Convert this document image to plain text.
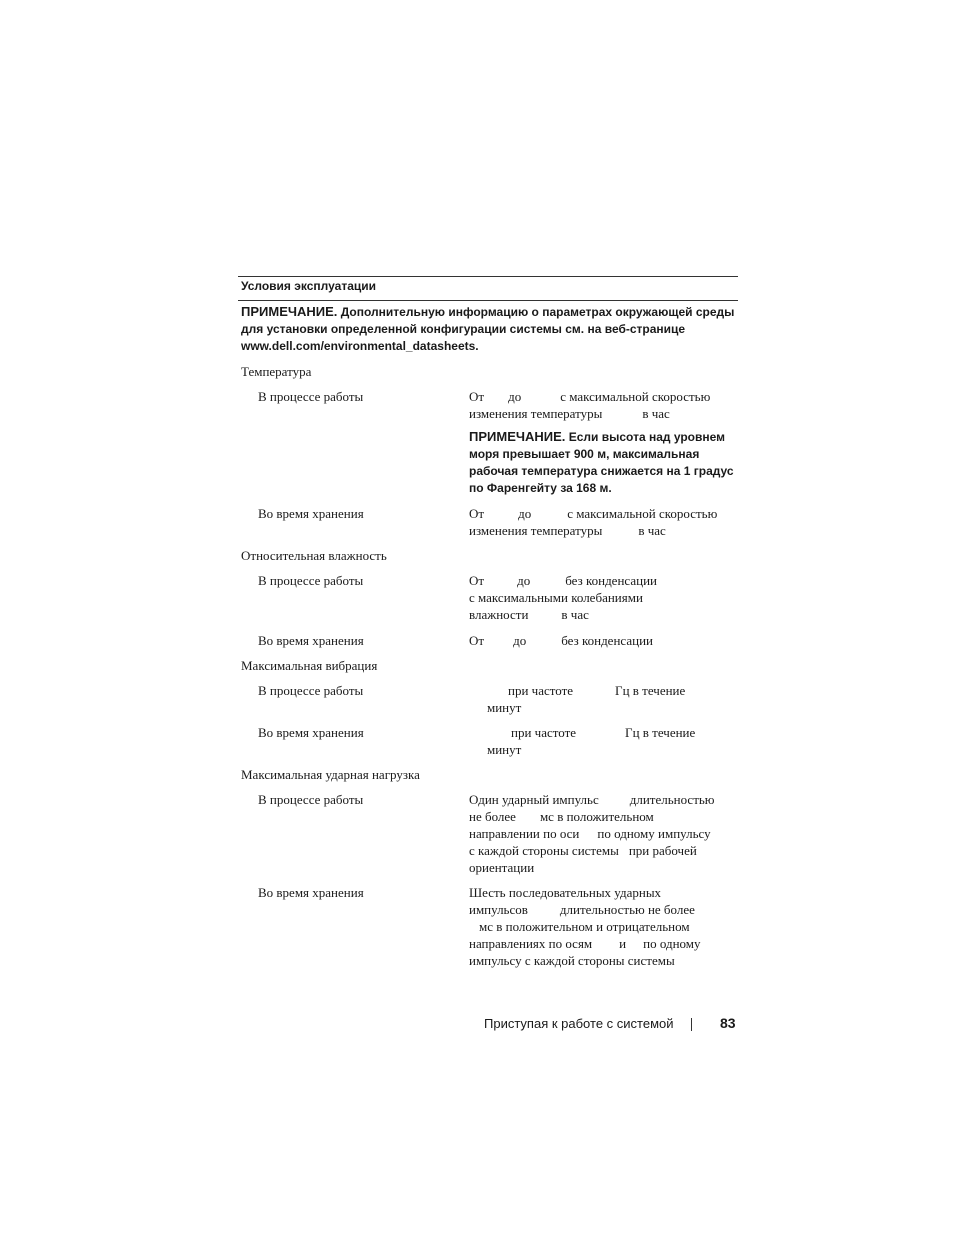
Условия эксплуатации
ПРИМЕЧАНИЕ. Дополнительную информацию о параметрах окружающей среды
для установки определенной конфигурации системы см. на веб-странице
www.dell.com/environmental_datasheets.
Температура
В процессе работы	От до	с максимальной скоростью
изменения температуры	в час
ПРИМЕЧАНИЕ. Если высота над уровнем
моря превышает 900 м, максимальная
рабочая температура снижается на 1 градус
по Фаренгейту за 168 м.
Во время хранения	От	до	с максимальной скоростью
изменения температуры	в час
Относительная влажность
В процессе работы	От	до	без конденсации
с максимальными колебаниями
влажности	в час
Во время хранения	От до	без конденсации
Максимальная вибрация
В процессе работы	при частоте	Гц в течение
минут
Во время хранения	при частоте	Гц в течение
минут
Максимальная ударная нагрузка
В процессе работы	Один ударный импульс длительностью
не более мс в положительном
направлении по оси по одному импульсу
с каждой стороны системы при рабочей
ориентации
Во время хранения	Шесть последовательных ударных
импульсов длительностью не более
мс в положительном и отрицательном
направлениях по осям и по одному
импульсу с каждой стороны системы
Приступая к работе с системой	83
